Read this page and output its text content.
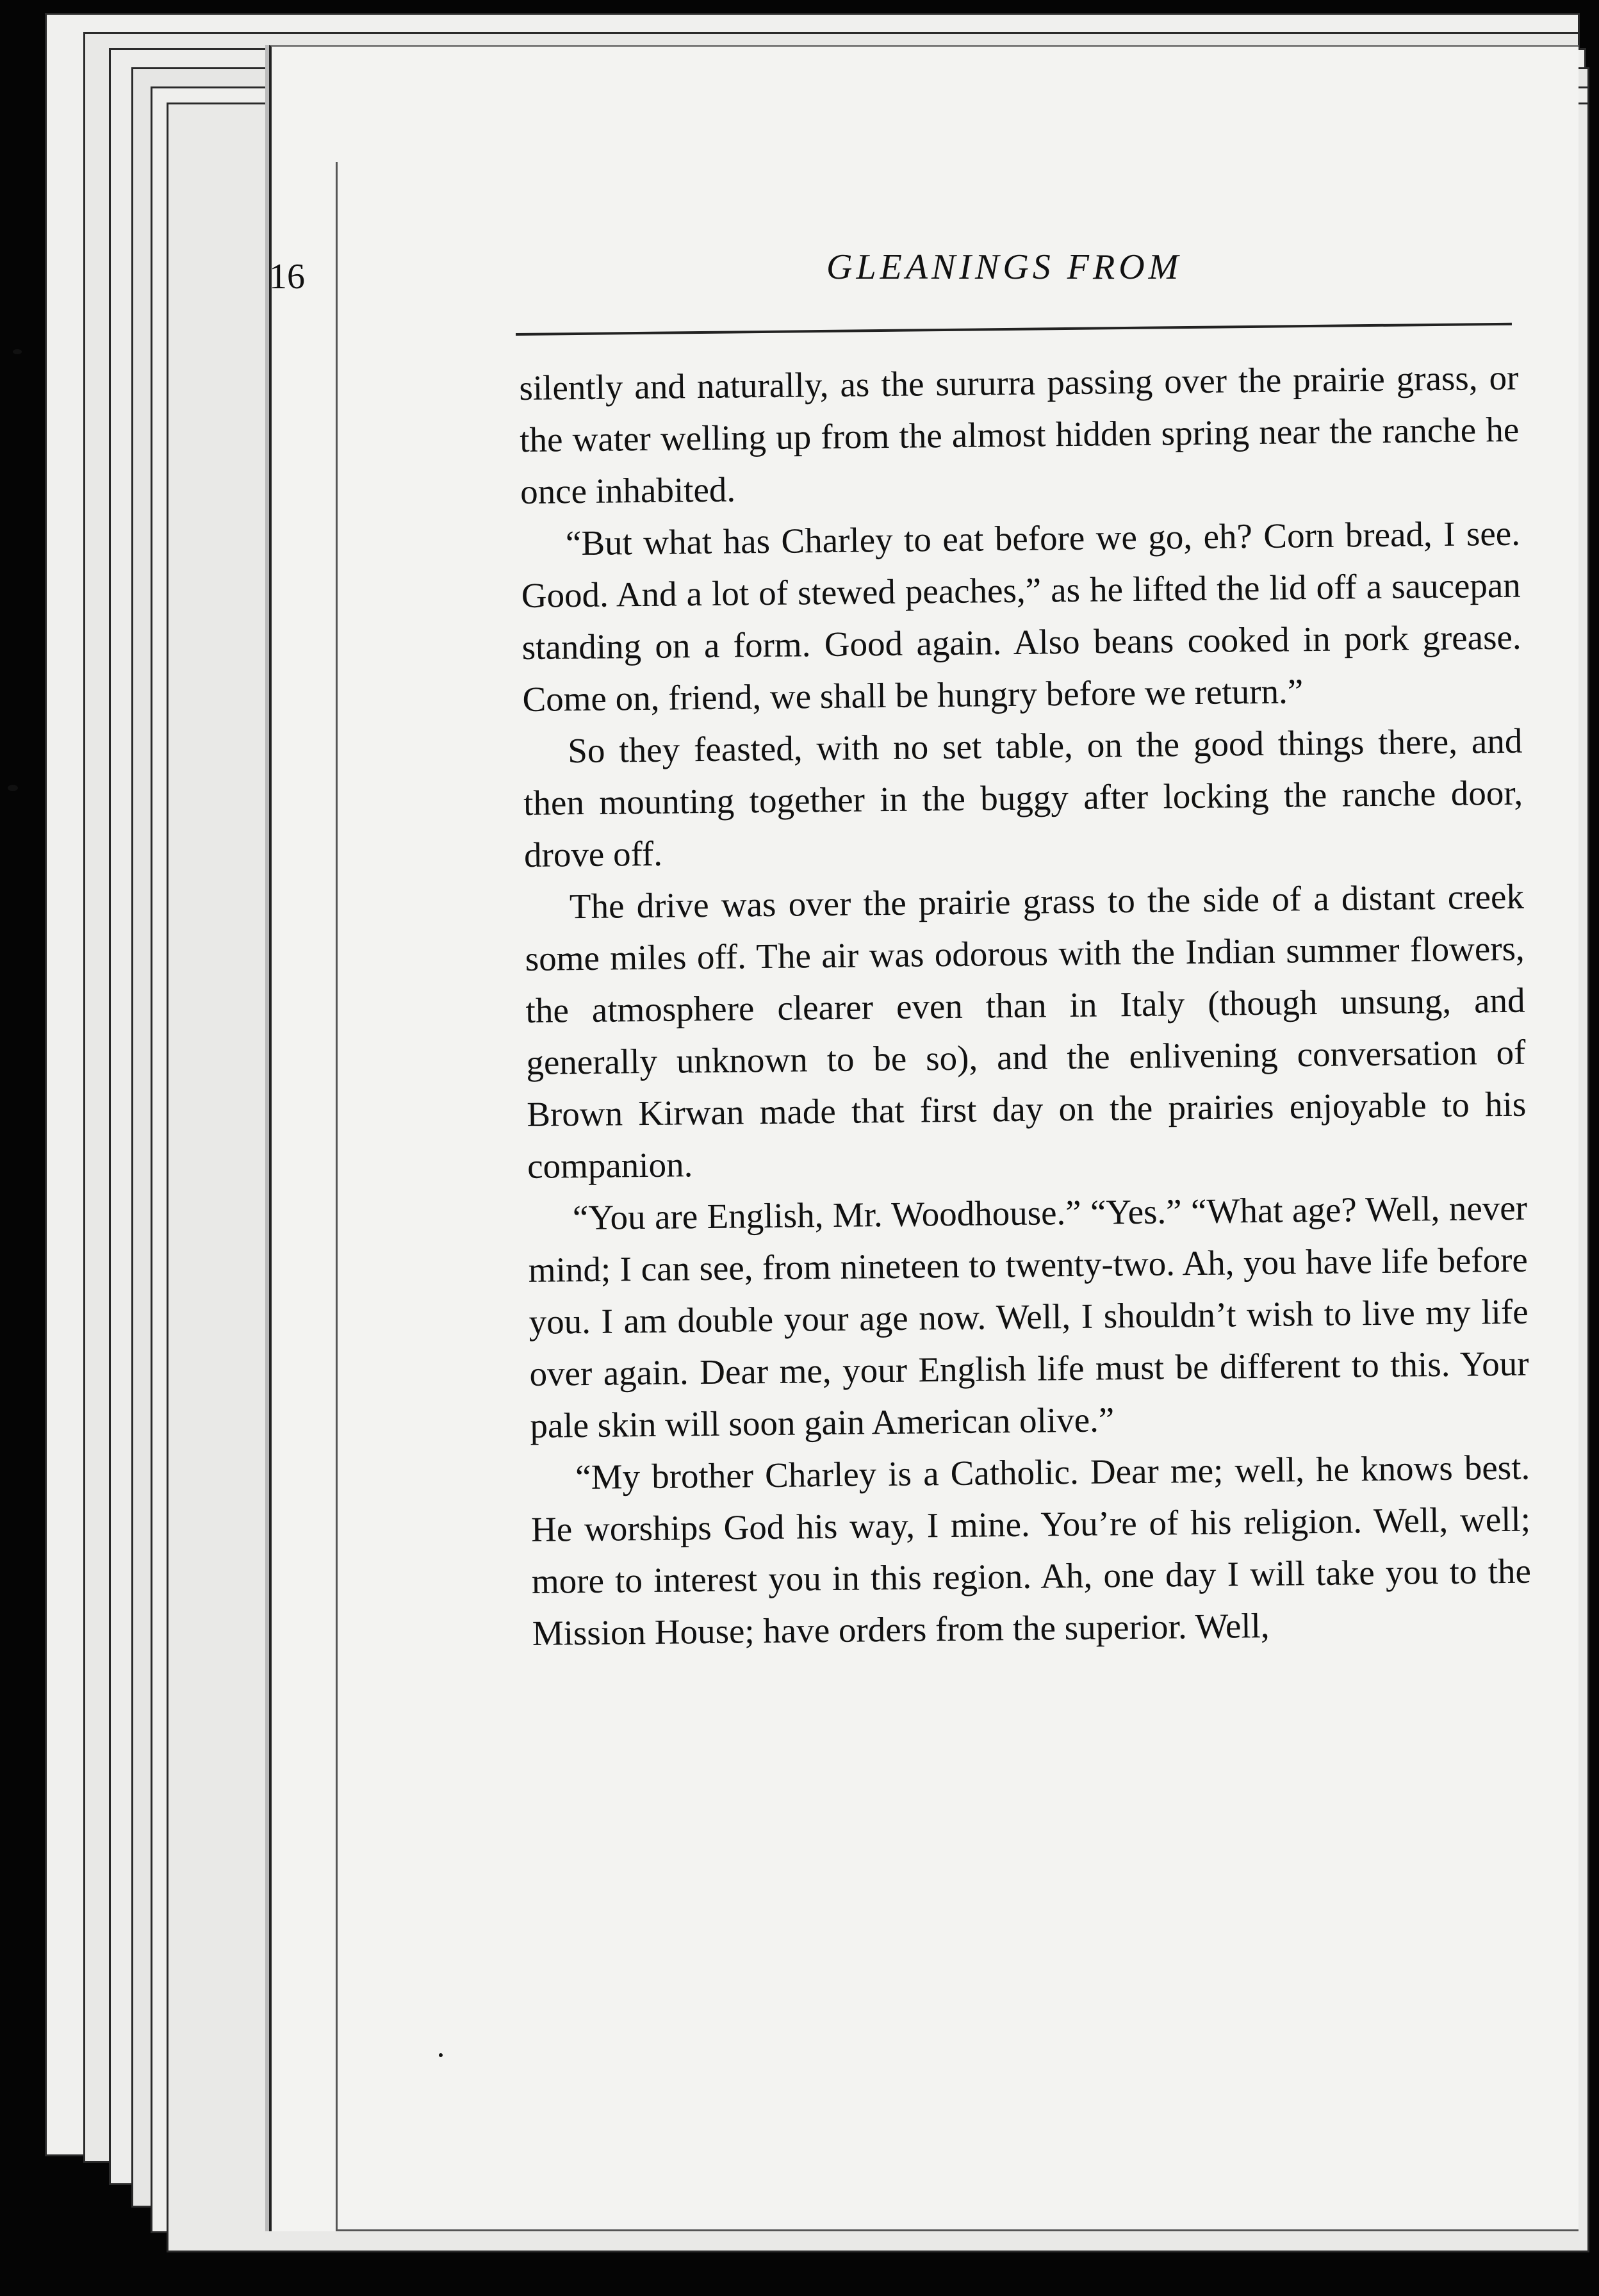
16	GLEANINGS FROM

silently and naturally, as the sururra passing over the prairie grass, or the water welling up from the almost hidden spring near the ranche he once inhabited.

“But what has Charley to eat before we go, eh? Corn bread, I see. Good. And a lot of stewed peaches,” as he lifted the lid off a saucepan standing on a form. Good again. Also beans cooked in pork grease. Come on, friend, we shall be hungry before we return.”

So they feasted, with no set table, on the good things there, and then mounting together in the buggy after locking the ranche door, drove off.

The drive was over the prairie grass to the side of a distant creek some miles off. The air was odorous with the Indian summer flowers, the atmosphere clearer even than in Italy (though unsung, and generally unknown to be so), and the enlivening conversation of Brown Kirwan made that first day on the prairies enjoyable to his companion.

“You are English, Mr. Woodhouse.” “Yes.” “What age? Well, never mind; I can see, from nineteen to twenty-two. Ah, you have life before you. I am double your age now. Well, I shouldn’t wish to live my life over again. Dear me, your English life must be different to this. Your pale skin will soon gain American olive.”

“My brother Charley is a Catholic. Dear me; well, he knows best. He worships God his way, I mine. You’re of his religion. Well, well; more to interest you in this region. Ah, one day I will take you to the Mission House; have orders from the superior. Well,
